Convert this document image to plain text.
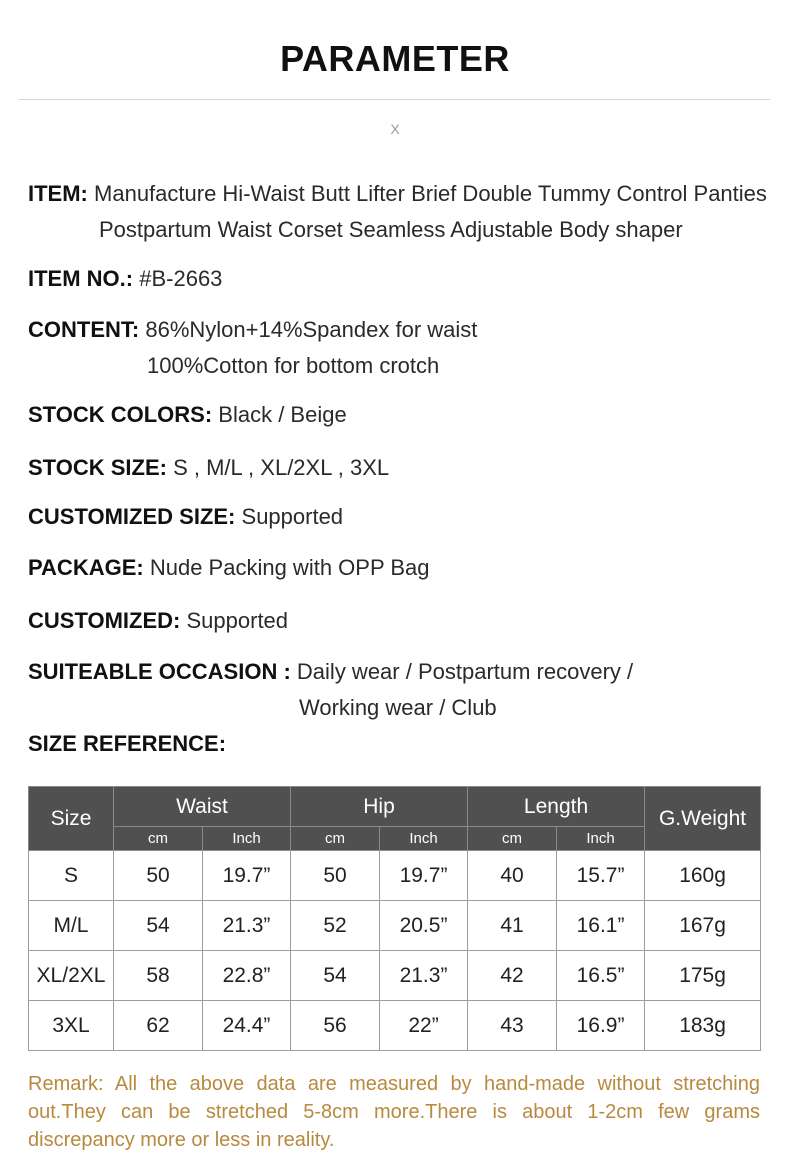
PARAMETER
X
ITEM: Manufacture Hi-Waist Butt Lifter Brief Double Tummy Control Panties
Postpartum Waist Corset Seamless Adjustable Body shaper
ITEM NO.: #B-2663
CONTENT: 86%Nylon+14%Spandex for waist
100%Cotton for bottom crotch
STOCK COLORS: Black / Beige
STOCK SIZE: S , M/L , XL/2XL , 3XL
CUSTOMIZED SIZE: Supported
PACKAGE: Nude Packing with OPP Bag
CUSTOMIZED: Supported
SUITEABLE OCCASION : Daily wear / Postpartum recovery /
Working wear / Club
SIZE REFERENCE:
Size	Waist		Hip		Length		G.Weight
	cm	Inch	cm	Inch	cm	Inch	
S	50	19.7”	50	19.7”	40	15.7”	160g
M/L	54	21.3”	52	20.5”	41	16.1”	167g
XL/2XL	58	22.8”	54	21.3”	42	16.5”	175g
3XL	62	24.4”	56	22”	43	16.9”	183g
Remark: All the above data are measured by hand-made without stretching out.They can be stretched 5-8cm more.There is about 1-2cm few grams discrepancy more or less in reality.
